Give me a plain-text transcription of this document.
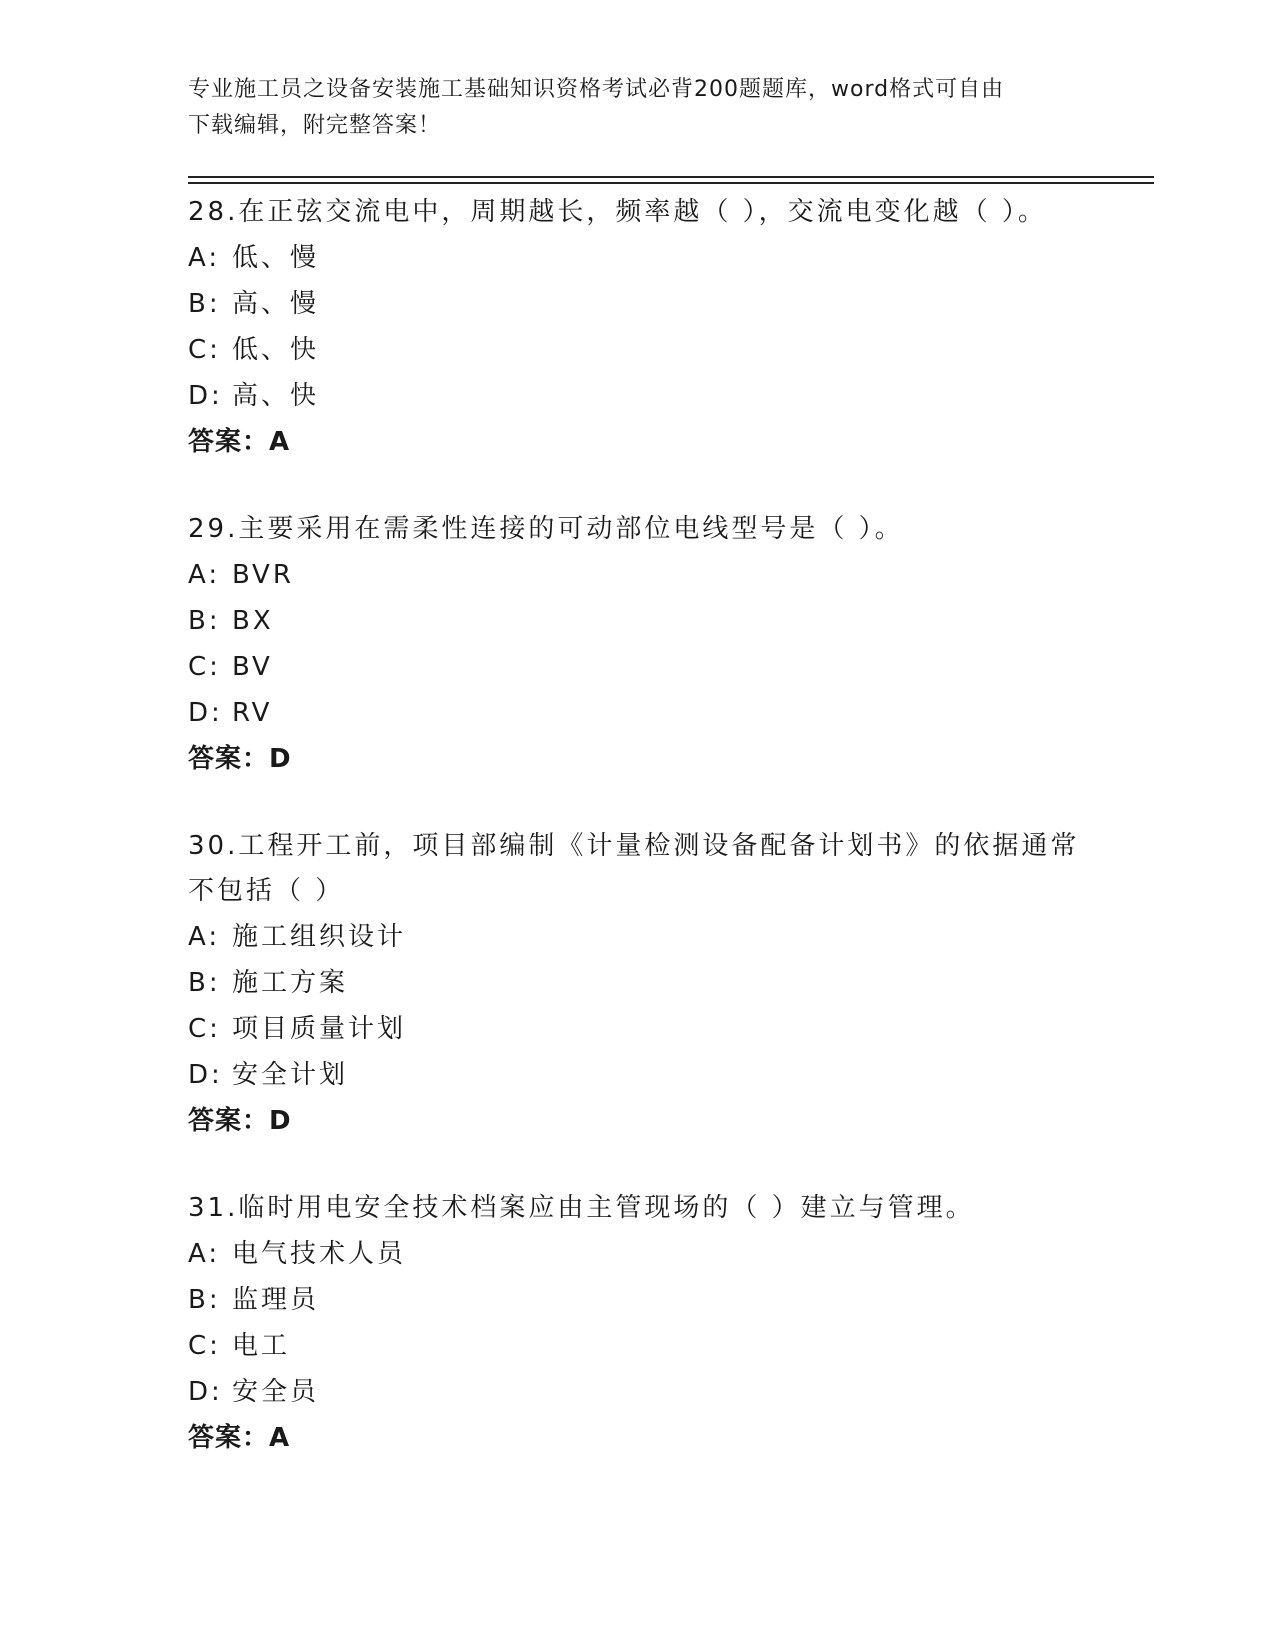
专业施工员之设备安装施工基础知识资格考试必背200题题库，word格式可自由
下载编辑，附完整答案！

28.在正弦交流电中，周期越长，频率越（ ），交流电变化越（ ）。

A: 低、慢

B: 高、慢

C: 低、快

D: 高、快

答案：A

29.主要采用在需柔性连接的可动部位电线型号是（ ）。

A: BVR

B: BX

C: BV

D: RV

答案：D

30.工程开工前，项目部编制《计量检测设备配备计划书》的依据通常不包括（ ）

A: 施工组织设计

B: 施工方案

C: 项目质量计划

D: 安全计划

答案：D

31.临时用电安全技术档案应由主管现场的（ ）建立与管理。

A: 电气技术人员

B: 监理员

C: 电工

D: 安全员

答案：A
